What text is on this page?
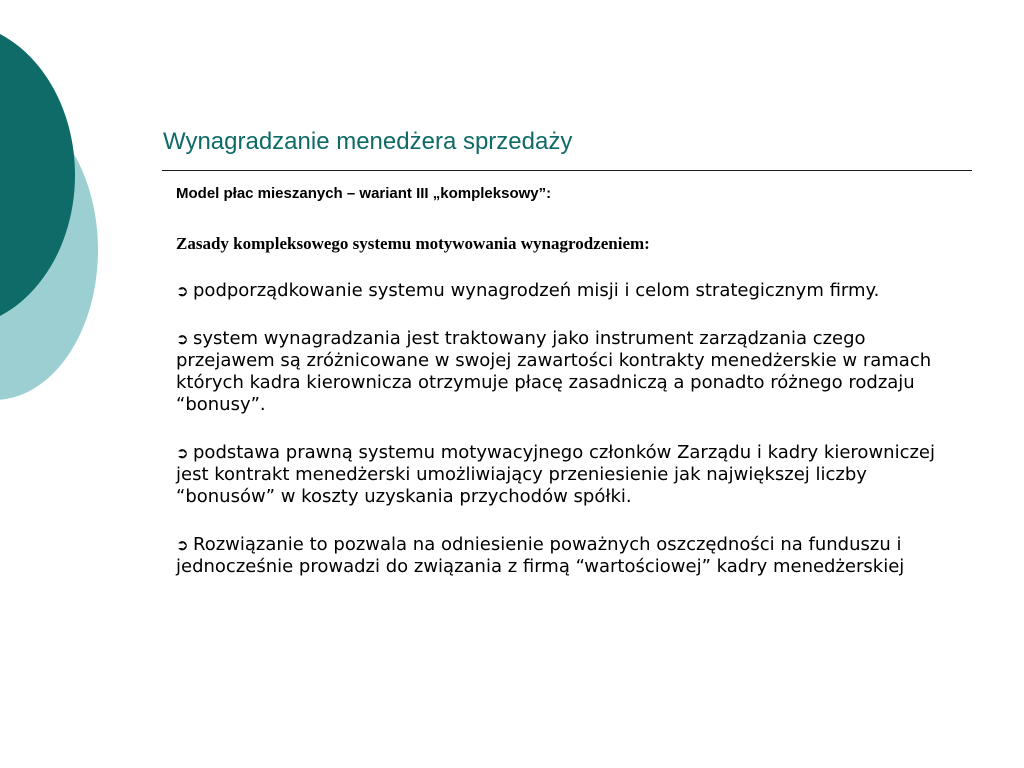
Wynagradzanie menedżera sprzedaży

Model płac mieszanych – wariant III „kompleksowy”:

Zasady kompleksowego systemu motywowania wynagrodzeniem:

➲ podporządkowanie systemu wynagrodzeń misji i celom strategicznym firmy.
➲ system wynagradzania jest traktowany jako instrument zarządzania czego przejawem są zróżnicowane w swojej zawartości kontrakty menedżerskie w ramach których kadra kierownicza otrzymuje płacę zasadniczą a ponadto różnego rodzaju “bonusy”.
➲ podstawa prawną systemu motywacyjnego członków Zarządu i kadry kierowniczej jest kontrakt menedżerski umożliwiający przeniesienie jak największej liczby “bonusów” w koszty uzyskania przychodów spółki.
➲ Rozwiązanie to pozwala na odniesienie poważnych oszczędności na funduszu i jednocześnie prowadzi do związania z firmą “wartościowej” kadry menedżerskiej
